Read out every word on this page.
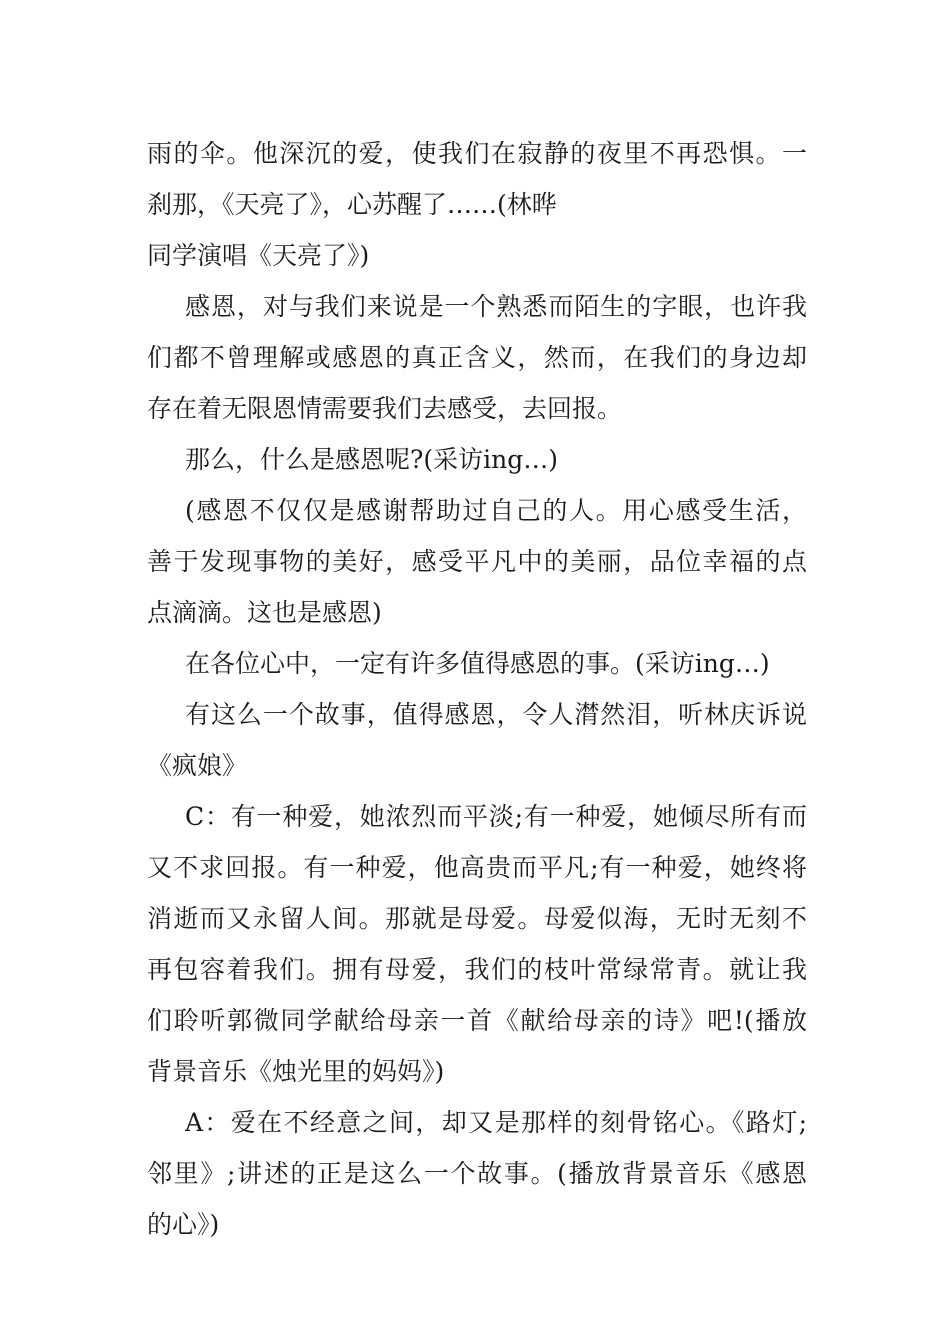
雨的伞。他深沉的爱，使我们在寂静的夜里不再恐惧。一
刹那，《天亮了》，心苏醒了……(林晔
同学演唱《天亮了》)
感恩，对与我们来说是一个熟悉而陌生的字眼，也许我
们都不曾理解或感恩的真正含义，然而，在我们的身边却
存在着无限恩情需要我们去感受，去回报。
那么，什么是感恩呢?(采访ing…)
(感恩不仅仅是感谢帮助过自己的人。用心感受生活，
善于发现事物的美好，感受平凡中的美丽，品位幸福的点
点滴滴。这也是感恩)
在各位心中，一定有许多值得感恩的事。(采访ing…)
有这么一个故事，值得感恩，令人潸然泪，听林庆诉说
《疯娘》
C：有一种爱，她浓烈而平淡;有一种爱，她倾尽所有而
又不求回报。有一种爱，他高贵而平凡;有一种爱，她终将
消逝而又永留人间。那就是母爱。母爱似海，无时无刻不
再包容着我们。拥有母爱，我们的枝叶常绿常青。就让我
们聆听郭微同学献给母亲一首《献给母亲的诗》吧!(播放
背景音乐《烛光里的妈妈》)
A：爱在不经意之间，却又是那样的刻骨铭心。《路灯;
邻里》;讲述的正是这么一个故事。(播放背景音乐《感恩
的心》)
